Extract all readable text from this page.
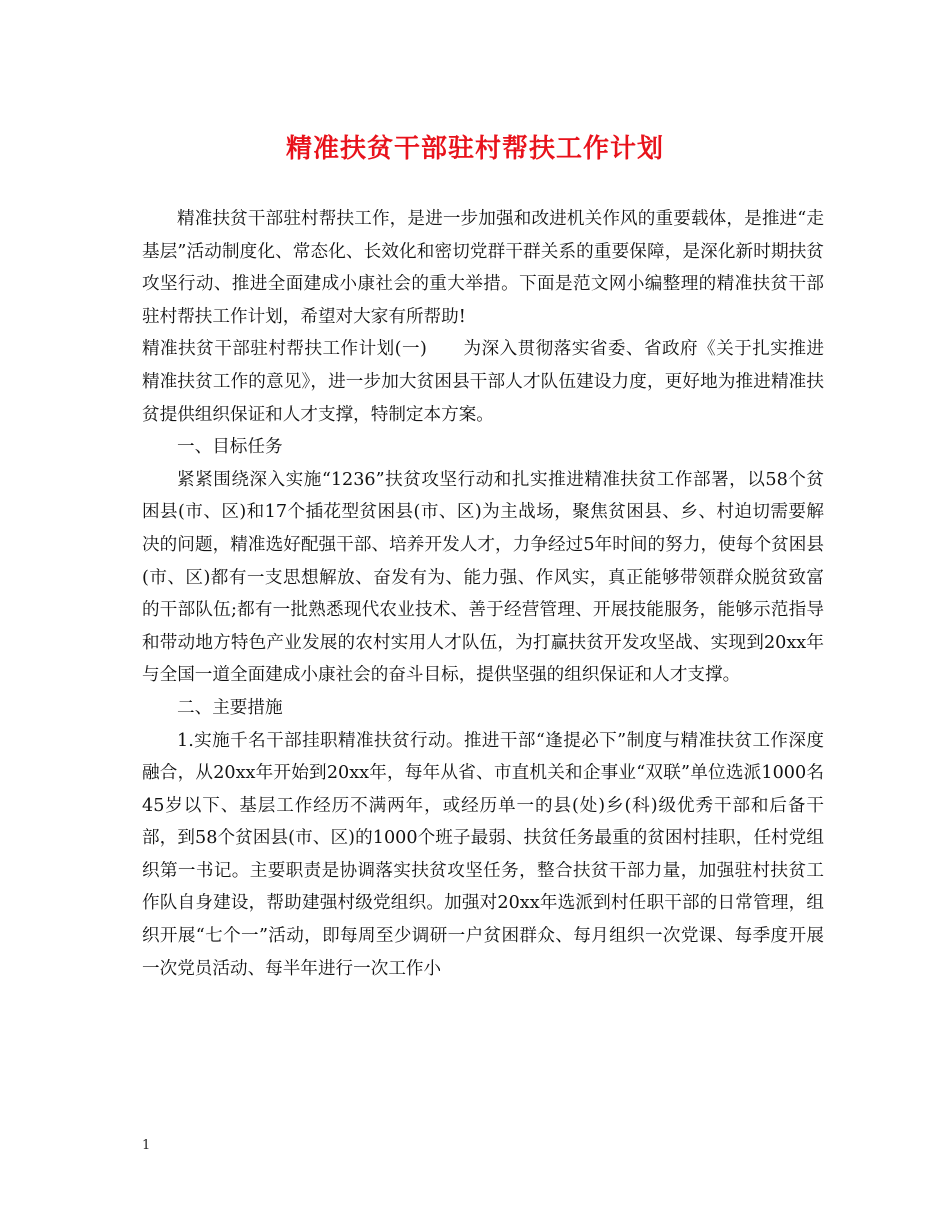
精准扶贫干部驻村帮扶工作计划

精准扶贫干部驻村帮扶工作，是进一步加强和改进机关作风的重要载体，是推进“走基层”活动制度化、常态化、长效化和密切党群干群关系的重要保障，是深化新时期扶贫攻坚行动、推进全面建成小康社会的重大举措。下面是范文网小编整理的精准扶贫干部驻村帮扶工作计划，希望对大家有所帮助!

精准扶贫干部驻村帮扶工作计划(一)　　为深入贯彻落实省委、省政府《关于扎实推进精准扶贫工作的意见》，进一步加大贫困县干部人才队伍建设力度，更好地为推进精准扶贫提供组织保证和人才支撑，特制定本方案。

一、目标任务

紧紧围绕深入实施“1236”扶贫攻坚行动和扎实推进精准扶贫工作部署，以58个贫困县(市、区)和17个插花型贫困县(市、区)为主战场，聚焦贫困县、乡、村迫切需要解决的问题，精准选好配强干部、培养开发人才，力争经过5年时间的努力，使每个贫困县(市、区)都有一支思想解放、奋发有为、能力强、作风实，真正能够带领群众脱贫致富的干部队伍;都有一批熟悉现代农业技术、善于经营管理、开展技能服务，能够示范指导和带动地方特色产业发展的农村实用人才队伍，为打赢扶贫开发攻坚战、实现到20xx年与全国一道全面建成小康社会的奋斗目标，提供坚强的组织保证和人才支撑。

二、主要措施

1.实施千名干部挂职精准扶贫行动。推进干部“逢提必下”制度与精准扶贫工作深度融合，从20xx年开始到20xx年，每年从省、市直机关和企事业“双联”单位选派1000名45岁以下、基层工作经历不满两年，或经历单一的县(处)乡(科)级优秀干部和后备干部，到58个贫困县(市、区)的1000个班子最弱、扶贫任务最重的贫困村挂职，任村党组织第一书记。主要职责是协调落实扶贫攻坚任务，整合扶贫干部力量，加强驻村扶贫工作队自身建设，帮助建强村级党组织。加强对20xx年选派到村任职干部的日常管理，组织开展“七个一”活动，即每周至少调研一户贫困群众、每月组织一次党课、每季度开展一次党员活动、每半年进行一次工作小

1
